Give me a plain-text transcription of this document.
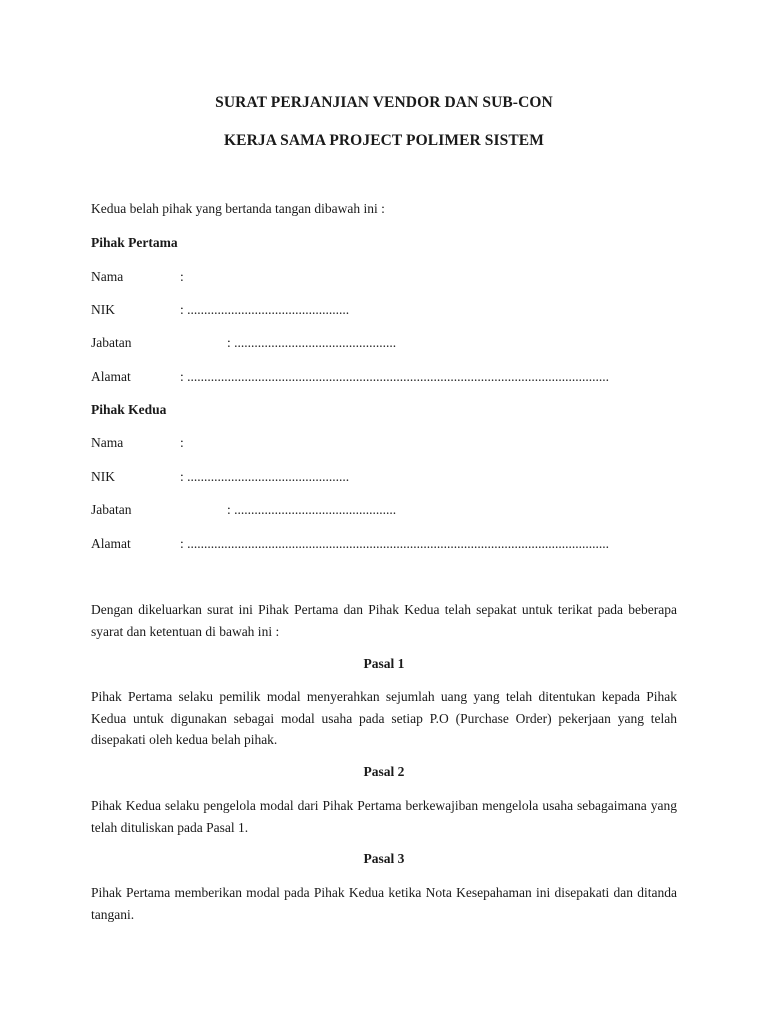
SURAT PERJANJIAN VENDOR DAN SUB-CON
KERJA SAMA PROJECT POLIMER SISTEM
Kedua belah pihak yang bertanda tangan dibawah ini :
Pihak Pertama
Nama	:
NIK	: ................................................
Jabatan	: ................................................
Alamat	: .............................................................................................................................
Pihak Kedua
Nama	:
NIK	: ................................................
Jabatan	: ................................................
Alamat	: .............................................................................................................................
Dengan dikeluarkan surat ini Pihak Pertama dan Pihak Kedua telah sepakat untuk terikat pada beberapa syarat dan ketentuan di bawah ini :
Pasal 1
Pihak Pertama selaku pemilik modal menyerahkan sejumlah uang yang telah ditentukan kepada Pihak Kedua untuk digunakan sebagai modal usaha pada setiap P.O (Purchase Order) pekerjaan yang telah disepakati oleh kedua belah pihak.
Pasal 2
Pihak Kedua selaku pengelola modal dari Pihak Pertama berkewajiban mengelola usaha sebagaimana yang telah dituliskan pada Pasal 1.
Pasal 3
Pihak Pertama memberikan modal pada Pihak Kedua ketika Nota Kesepahaman ini disepakati dan ditanda tangani.
